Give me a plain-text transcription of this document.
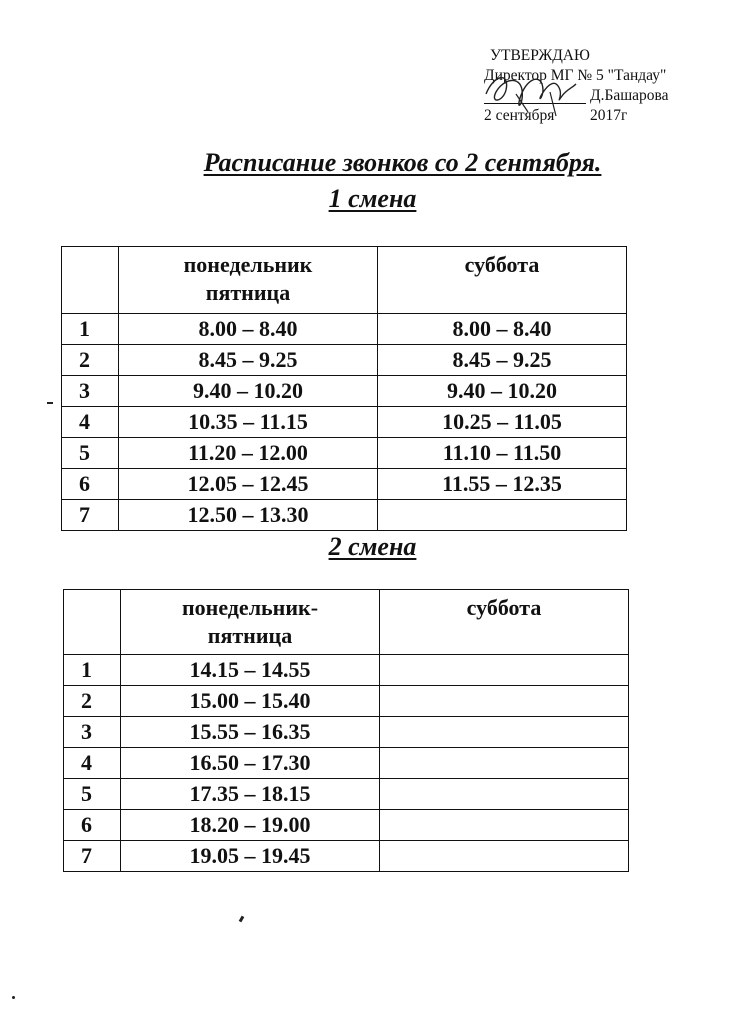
УТВЕРЖДАЮ
Директор МГ № 5 "Тандау"
Д.Башарова
2 сентября 2017г
Расписание звонков со 2 сентября.
1 смена

	понедельник
пятница	суббота
1	8.00 – 8.40	8.00 – 8.40
2	8.45 – 9.25	8.45 – 9.25
3	9.40 – 10.20	9.40 – 10.20
4	10.35 – 11.15	10.25 – 11.05
5	11.20 – 12.00	11.10 – 11.50
6	12.05 – 12.45	11.55 – 12.35
7	12.50 – 13.30	
2 смена

	понедельник-
пятница	суббота
1	14.15 – 14.55	
2	15.00 – 15.40	
3	15.55 – 16.35	
4	16.50 – 17.30	
5	17.35 – 18.15	
6	18.20 – 19.00	
7	19.05 – 19.45	
